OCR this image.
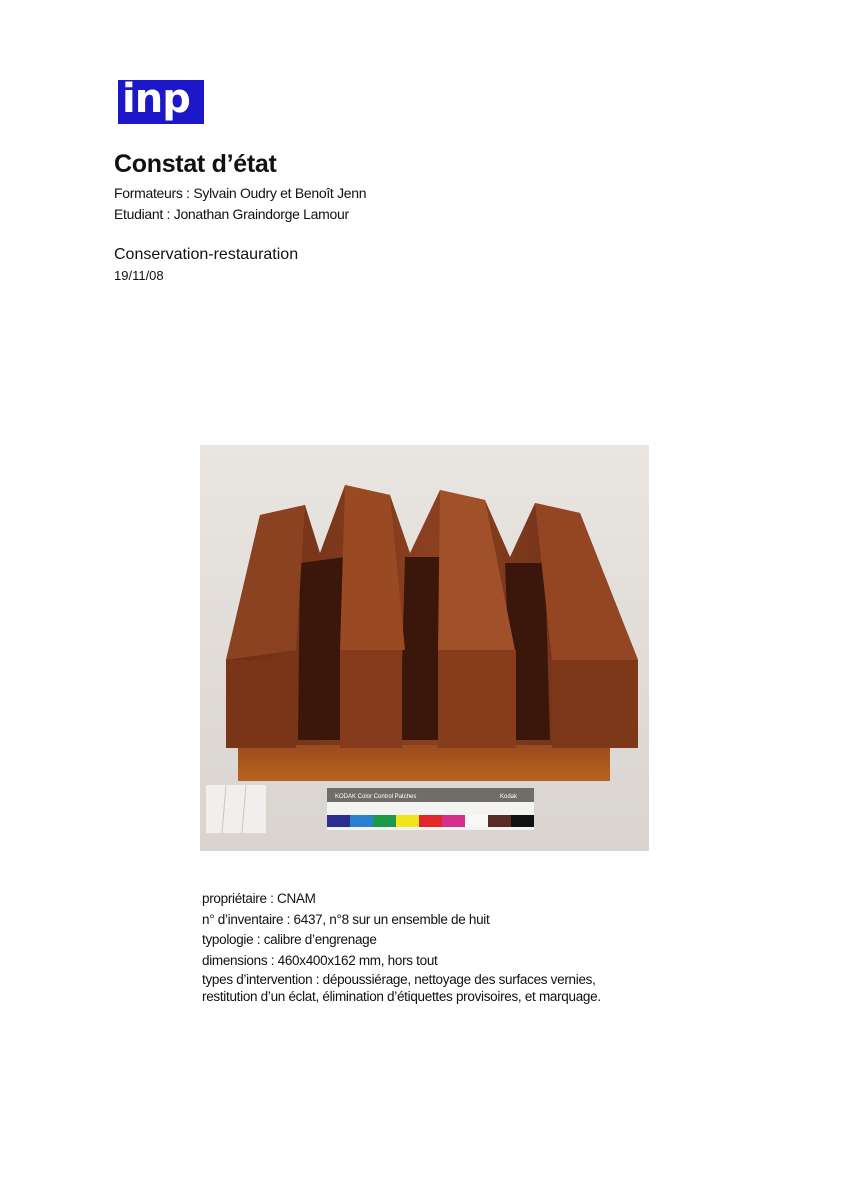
inp
Constat d’état
Formateurs : Sylvain Oudry et Benoît Jenn
Etudiant : Jonathan Graindorge Lamour
Conservation-restauration
19/11/08
KODAK Color Control Patches	Kodak
propriétaire : CNAM
n° d’inventaire : 6437, n°8 sur un ensemble de huit
typologie : calibre d’engrenage
dimensions : 460x400x162 mm, hors tout
types d’intervention : dépoussiérage, nettoyage des surfaces vernies,
restitution d’un éclat, élimination d’étiquettes provisoires, et marquage.
